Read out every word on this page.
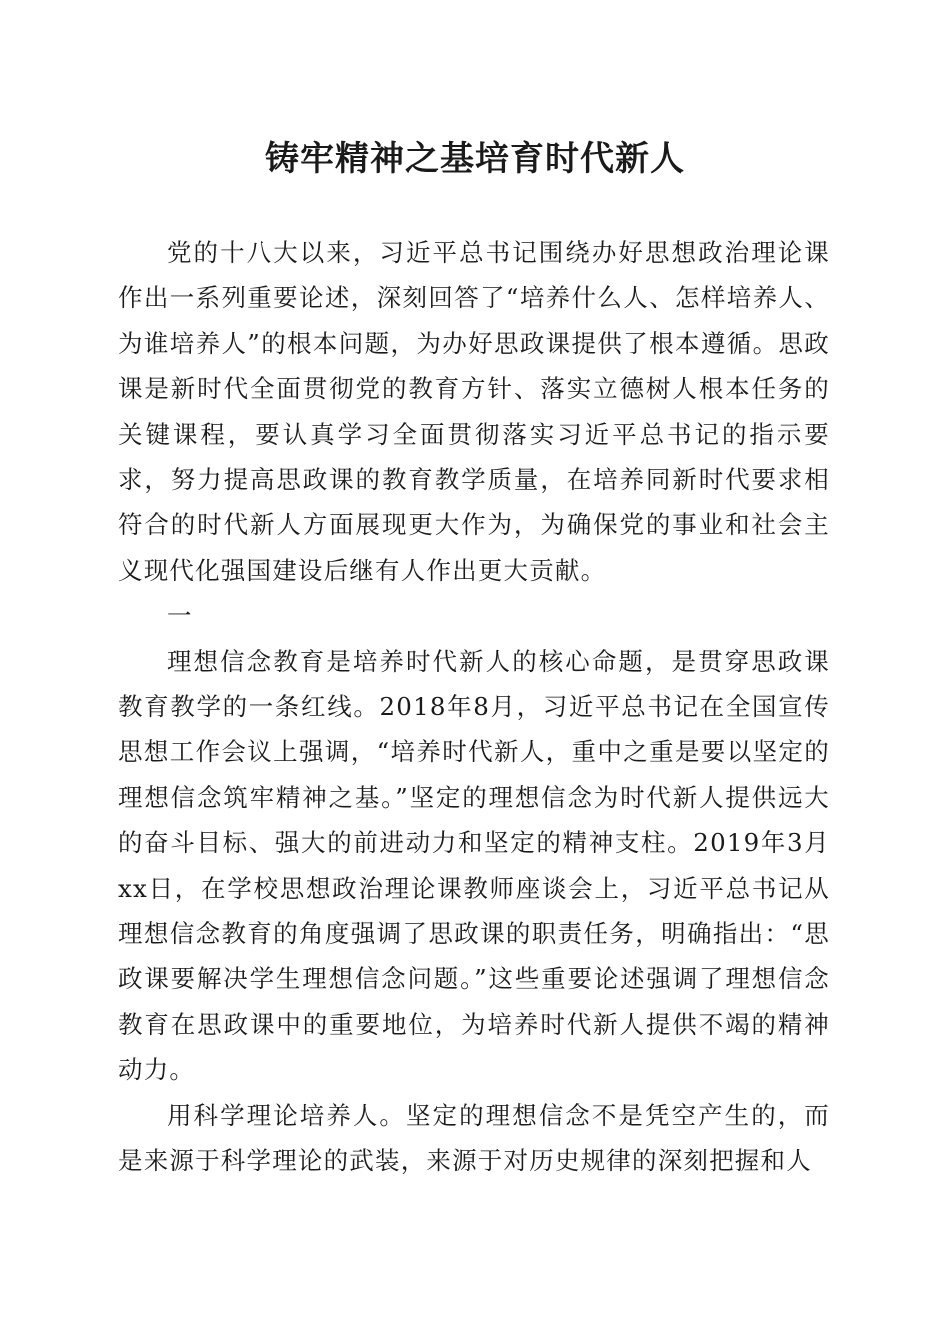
铸牢精神之基培育时代新人

党的十八大以来，习近平总书记围绕办好思想政治理论课作出一系列重要论述，深刻回答了“培养什么人、怎样培养人、为谁培养人”的根本问题，为办好思政课提供了根本遵循。思政课是新时代全面贯彻党的教育方针、落实立德树人根本任务的关键课程，要认真学习全面贯彻落实习近平总书记的指示要求，努力提高思政课的教育教学质量，在培养同新时代要求相符合的时代新人方面展现更大作为，为确保党的事业和社会主义现代化强国建设后继有人作出更大贡献。

一

理想信念教育是培养时代新人的核心命题，是贯穿思政课教育教学的一条红线。2018年8月，习近平总书记在全国宣传思想工作会议上强调，“培养时代新人，重中之重是要以坚定的理想信念筑牢精神之基。”坚定的理想信念为时代新人提供远大的奋斗目标、强大的前进动力和坚定的精神支柱。2019年3月xx日，在学校思想政治理论课教师座谈会上，习近平总书记从理想信念教育的角度强调了思政课的职责任务，明确指出：“思政课要解决学生理想信念问题。”这些重要论述强调了理想信念教育在思政课中的重要地位，为培养时代新人提供不竭的精神动力。

用科学理论培养人。坚定的理想信念不是凭空产生的，而是来源于科学理论的武装，来源于对历史规律的深刻把握和人
